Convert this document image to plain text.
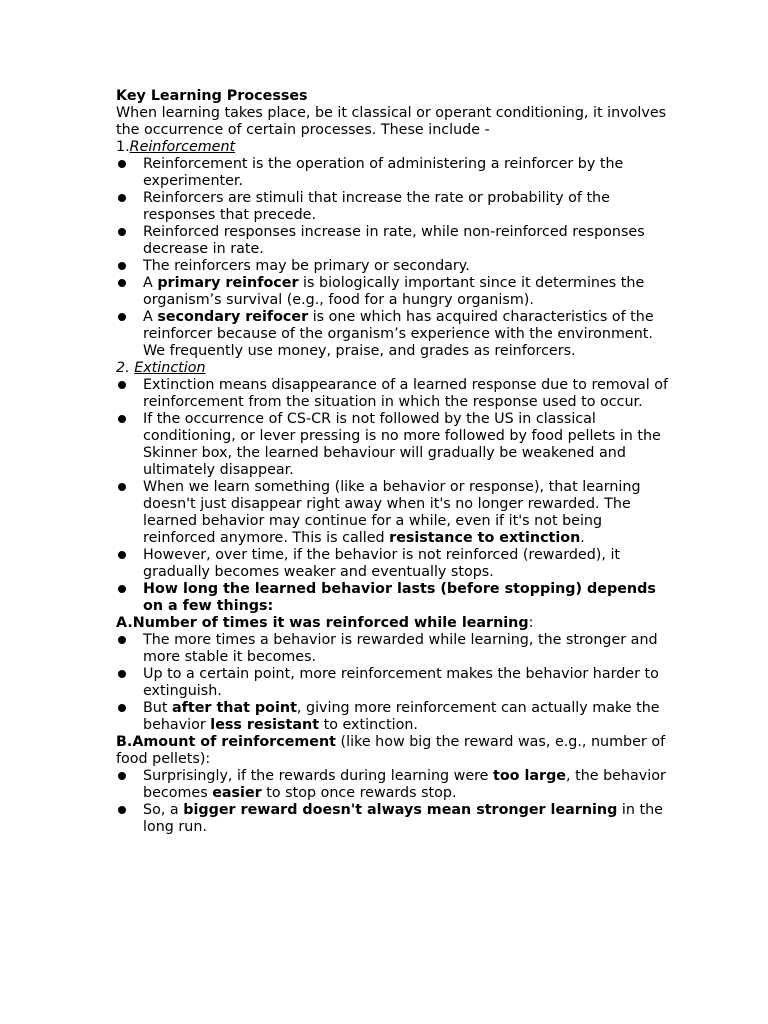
Key Learning Processes

When learning takes place, be it classical or operant conditioning, it involves the occurrence of certain processes. These include -

1.Reinforcement
Reinforcement is the operation of administering a reinforcer by the experimenter.
Reinforcers are stimuli that increase the rate or probability of the responses that precede.
Reinforced responses increase in rate, while non-reinforced responses decrease in rate.
The reinforcers may be primary or secondary.
A primary reinfocer is biologically important since it determines the organism’s survival (e.g., food for a hungry organism).
A secondary reifocer is one which has acquired characteristics of the reinforcer because of the organism’s experience with the environment. We frequently use money, praise, and grades as reinforcers.
2. Extinction
Extinction means disappearance of a learned response due to removal of reinforcement from the situation in which the response used to occur.
If the occurrence of CS-CR is not followed by the US in classical conditioning, or lever pressing is no more followed by food pellets in the Skinner box, the learned behaviour will gradually be weakened and ultimately disappear.
When we learn something (like a behavior or response), that learning doesn't just disappear right away when it's no longer rewarded. The learned behavior may continue for a while, even if it's not being reinforced anymore. This is called resistance to extinction.
However, over time, if the behavior is not reinforced (rewarded), it gradually becomes weaker and eventually stops.
How long the learned behavior lasts (before stopping) depends on a few things:
A.Number of times it was reinforced while learning:
The more times a behavior is rewarded while learning, the stronger and more stable it becomes.
Up to a certain point, more reinforcement makes the behavior harder to extinguish.
But after that point, giving more reinforcement can actually make the behavior less resistant to extinction.
B.Amount of reinforcement (like how big the reward was, e.g., number of food pellets):
Surprisingly, if the rewards during learning were too large, the behavior becomes easier to stop once rewards stop.
So, a bigger reward doesn't always mean stronger learning in the long run.
